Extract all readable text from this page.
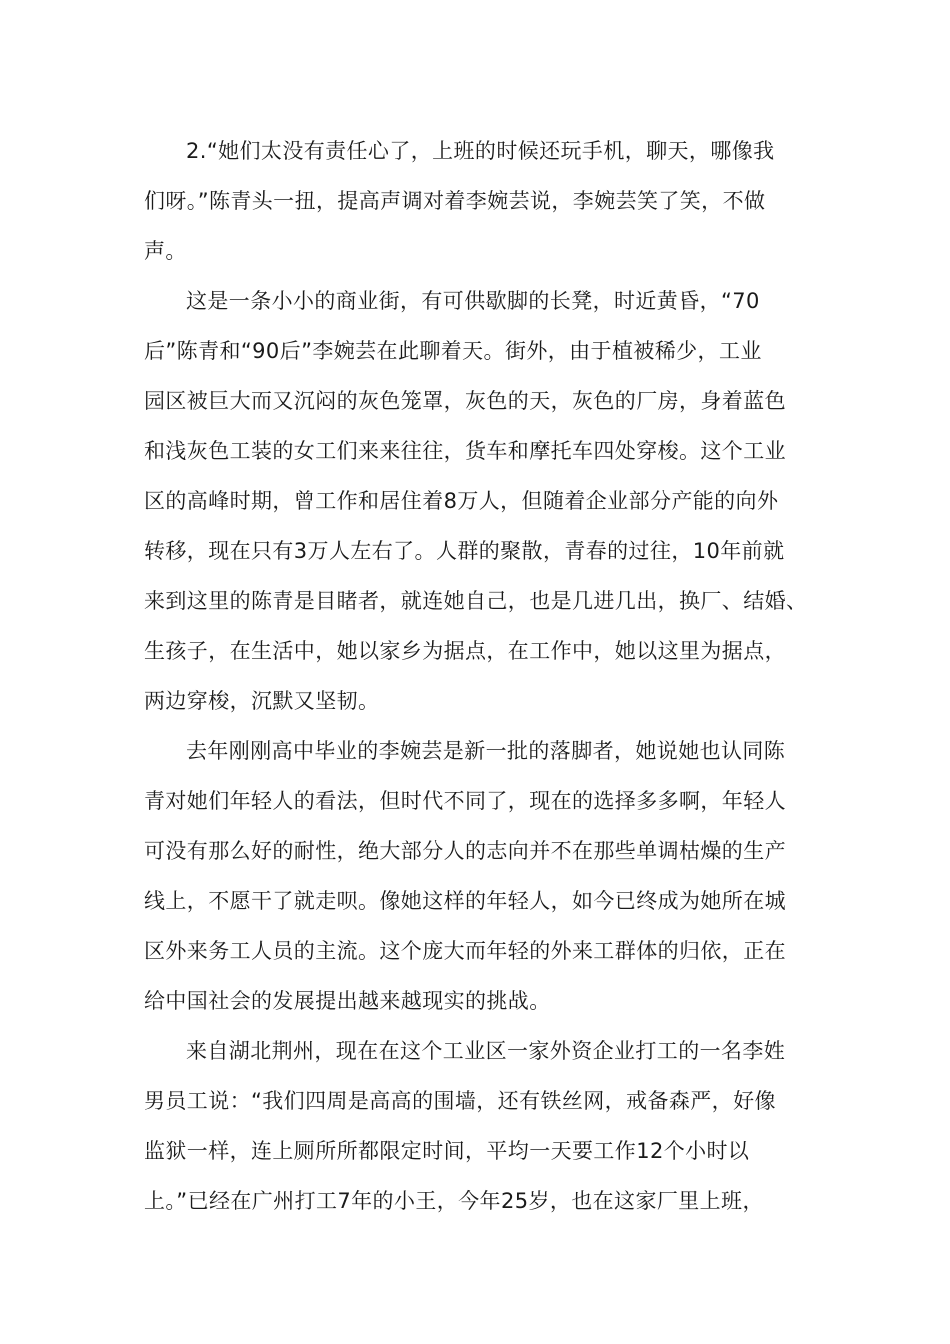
2.“她们太没有责任心了，上班的时候还玩手机，聊天，哪像我
们呀。”陈青头一扭，提高声调对着李婉芸说，李婉芸笑了笑，不做
声。
这是一条小小的商业街，有可供歇脚的长凳，时近黄昏，“70
后”陈青和“90后”李婉芸在此聊着天。街外，由于植被稀少，工业
园区被巨大而又沉闷的灰色笼罩，灰色的天，灰色的厂房，身着蓝色
和浅灰色工装的女工们来来往往，货车和摩托车四处穿梭。这个工业
区的高峰时期，曾工作和居住着8万人，但随着企业部分产能的向外
转移，现在只有3万人左右了。人群的聚散，青春的过往，10年前就
来到这里的陈青是目睹者，就连她自己，也是几进几出，换厂、结婚、
生孩子，在生活中，她以家乡为据点，在工作中，她以这里为据点，
两边穿梭，沉默又坚韧。
去年刚刚高中毕业的李婉芸是新一批的落脚者，她说她也认同陈
青对她们年轻人的看法，但时代不同了，现在的选择多多啊，年轻人
可没有那么好的耐性，绝大部分人的志向并不在那些单调枯燥的生产
线上，不愿干了就走呗。像她这样的年轻人，如今已终成为她所在城
区外来务工人员的主流。这个庞大而年轻的外来工群体的归依，正在
给中国社会的发展提出越来越现实的挑战。
来自湖北荆州，现在在这个工业区一家外资企业打工的一名李姓
男员工说：“我们四周是高高的围墙，还有铁丝网，戒备森严，好像
监狱一样，连上厕所所都限定时间，平均一天要工作12个小时以
上。”已经在广州打工7年的小王，今年25岁，也在这家厂里上班，
